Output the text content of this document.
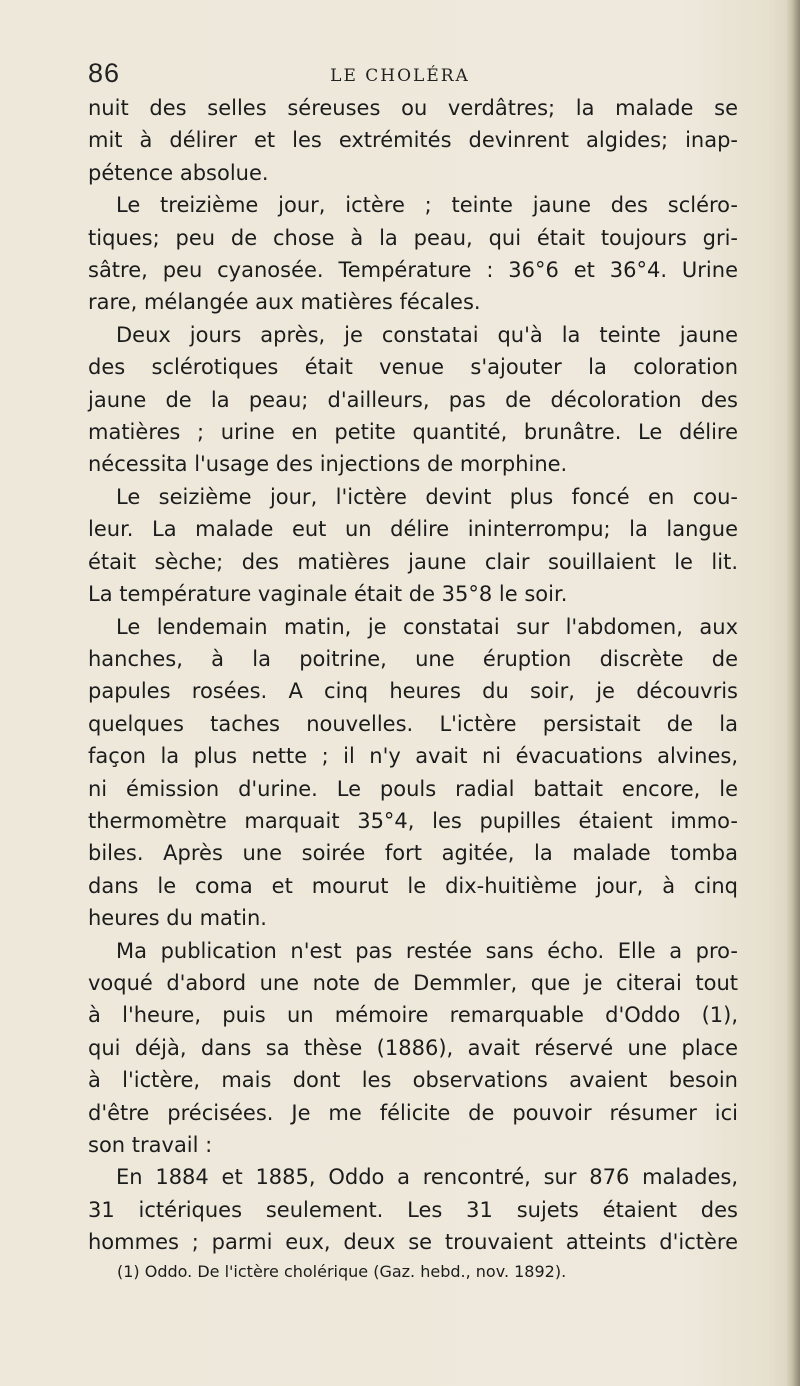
86	LE CHOLÉRA
nuit des selles séreuses ou verdâtres; la malade se
mit à délirer et les extrémités devinrent algides; inap-
pétence absolue.
Le treizième jour, ictère ; teinte jaune des scléro-
tiques; peu de chose à la peau, qui était toujours gri-
sâtre, peu cyanosée. Température : 36°6 et 36°4. Urine
rare, mélangée aux matières fécales.
Deux jours après, je constatai qu'à la teinte jaune
des sclérotiques était venue s'ajouter la coloration
jaune de la peau; d'ailleurs, pas de décoloration des
matières ; urine en petite quantité, brunâtre. Le délire
nécessita l'usage des injections de morphine.
Le seizième jour, l'ictère devint plus foncé en cou-
leur. La malade eut un délire ininterrompu; la langue
était sèche; des matières jaune clair souillaient le lit.
La température vaginale était de 35°8 le soir.
Le lendemain matin, je constatai sur l'abdomen, aux
hanches, à la poitrine, une éruption discrète de
papules rosées. A cinq heures du soir, je découvris
quelques taches nouvelles. L'ictère persistait de la
façon la plus nette ; il n'y avait ni évacuations alvines,
ni émission d'urine. Le pouls radial battait encore, le
thermomètre marquait 35°4, les pupilles étaient immo-
biles. Après une soirée fort agitée, la malade tomba
dans le coma et mourut le dix-huitième jour, à cinq
heures du matin.
Ma publication n'est pas restée sans écho. Elle a pro-
voqué d'abord une note de Demmler, que je citerai tout
à l'heure, puis un mémoire remarquable d'Oddo (1),
qui déjà, dans sa thèse (1886), avait réservé une place
à l'ictère, mais dont les observations avaient besoin
d'être précisées. Je me félicite de pouvoir résumer ici
son travail :
En 1884 et 1885, Oddo a rencontré, sur 876 malades,
31 ictériques seulement. Les 31 sujets étaient des
hommes ; parmi eux, deux se trouvaient atteints d'ictère
(1) Oddo. De l'ictère cholérique (Gaz. hebd., nov. 1892).
